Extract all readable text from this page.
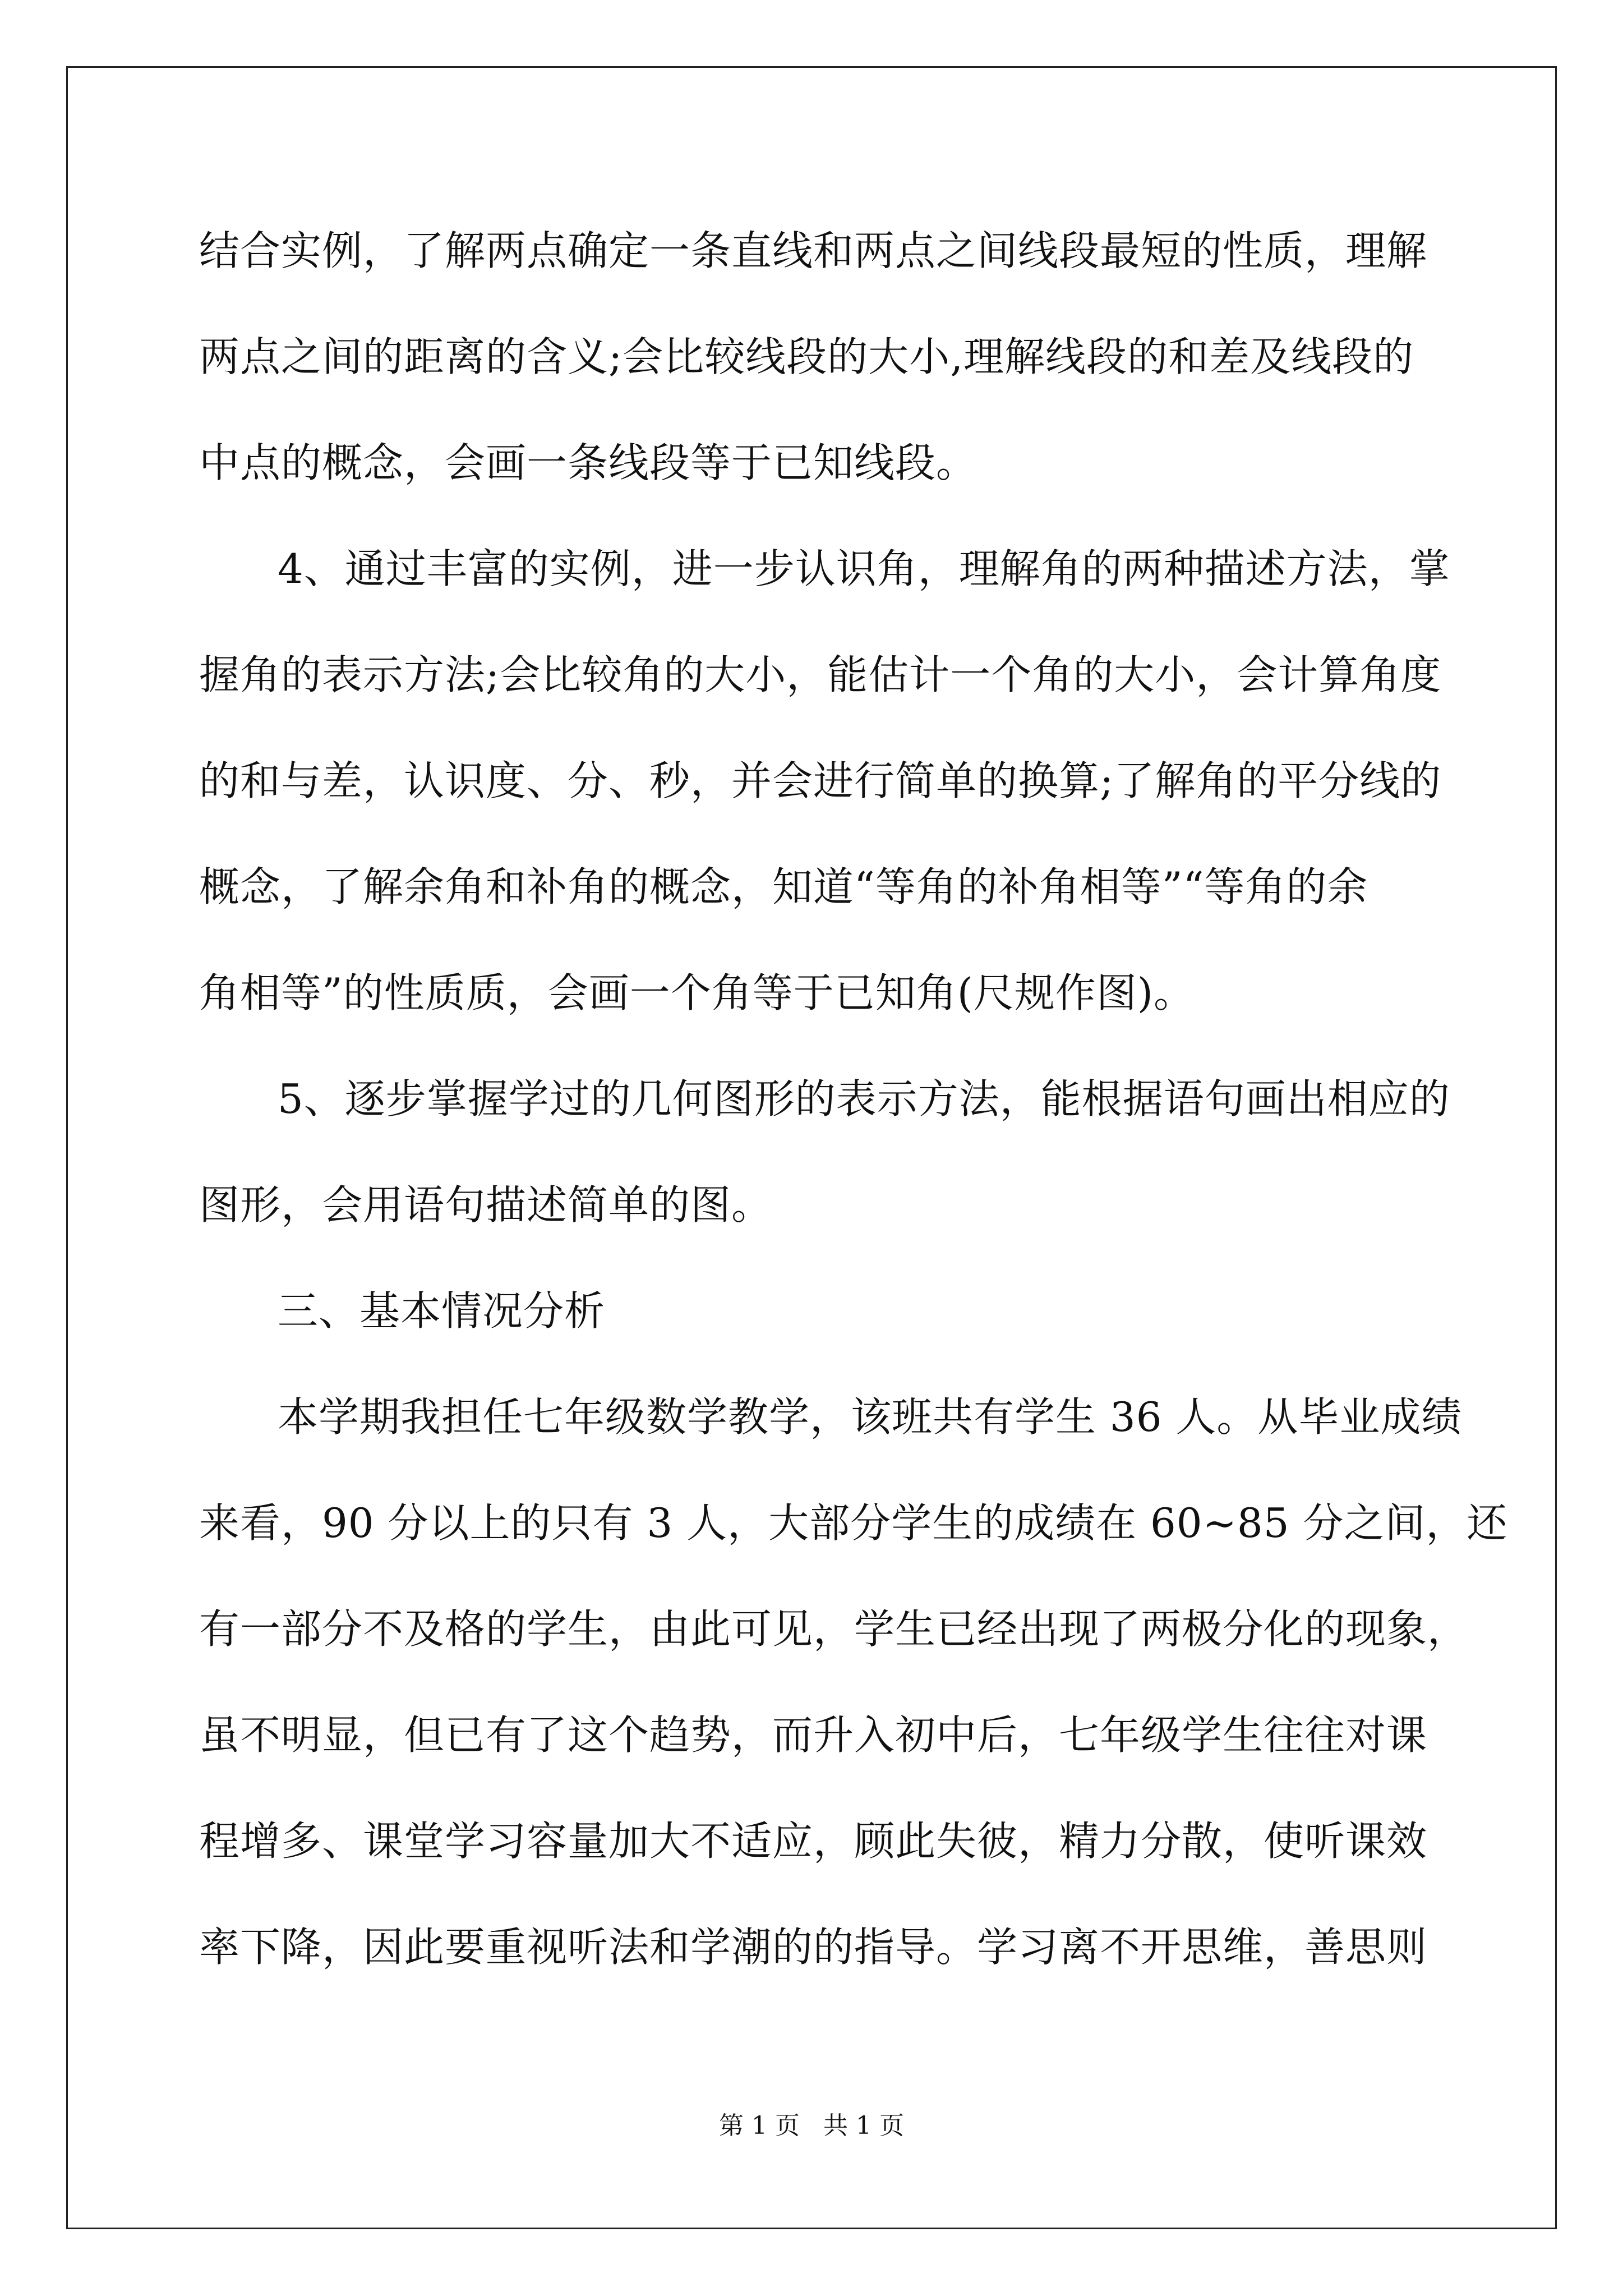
结合实例，了解两点确定一条直线和两点之间线段最短的性质，理解
两点之间的距离的含义;会比较线段的大小,理解线段的和差及线段的
中点的概念，会画一条线段等于已知线段。
4、通过丰富的实例，进一步认识角，理解角的两种描述方法，掌
握角的表示方法;会比较角的大小，能估计一个角的大小，会计算角度
的和与差，认识度、分、秒，并会进行简单的换算;了解角的平分线的
概念，了解余角和补角的概念，知道“等角的补角相等”“等角的余
角相等”的性质质，会画一个角等于已知角(尺规作图)。
5、逐步掌握学过的几何图形的表示方法，能根据语句画出相应的
图形，会用语句描述简单的图。
三、基本情况分析
本学期我担任七年级数学教学，该班共有学生 36 人。从毕业成绩
来看，90 分以上的只有 3 人，大部分学生的成绩在 60~85 分之间，还
有一部分不及格的学生，由此可见，学生已经出现了两极分化的现象，
虽不明显，但已有了这个趋势，而升入初中后，七年级学生往往对课
程增多、课堂学习容量加大不适应，顾此失彼，精力分散，使听课效
率下降，因此要重视听法和学潮的的指导。学习离不开思维，善思则
第 1 页   共 1 页
